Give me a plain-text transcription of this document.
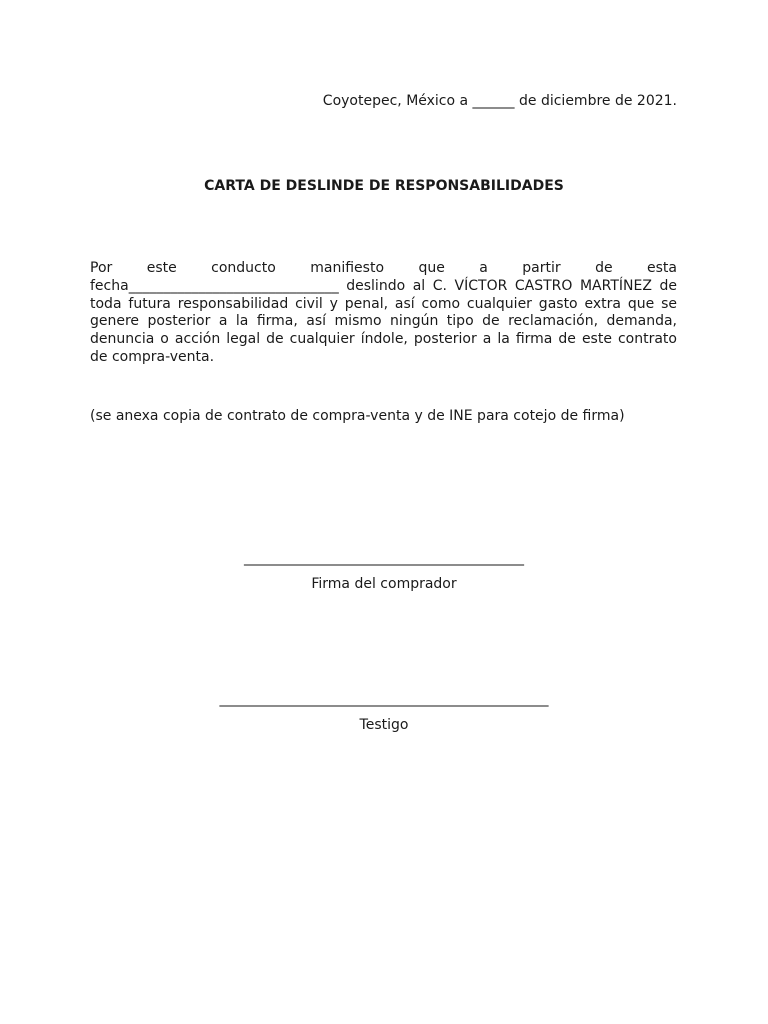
Coyotepec, México a ______ de diciembre de 2021.
CARTA DE DESLINDE DE RESPONSABILIDADES

Por este conducto manifiesto que a partir de esta fecha______________________________ deslindo al C. VÍCTOR CASTRO MARTÍNEZ de toda futura responsabilidad civil y penal, así como cualquier gasto extra que se genere posterior a la firma, así mismo ningún tipo de reclamación, demanda, denuncia o acción legal de cualquier índole, posterior a la firma de este contrato de compra-venta.

(se anexa copia de contrato de compra-venta y de INE para cotejo de firma)
________________________________________
Firma del comprador
_______________________________________________
Testigo
